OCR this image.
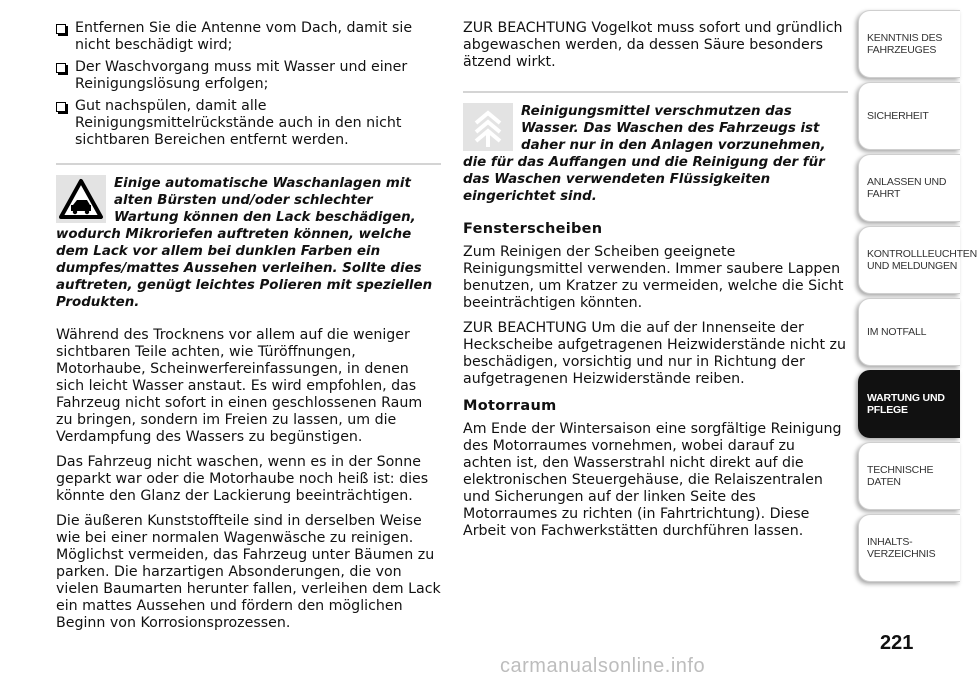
Entfernen Sie die Antenne vom Dach, damit sie nicht beschädigt wird;
Der Waschvorgang muss mit Wasser und einer Reinigungslösung erfolgen;
Gut nachspülen, damit alle Reinigungsmittelrückstände auch in den nicht sichtbaren Bereichen entfernt werden.
Einige automatische Waschanlagen mit alten Bürsten und/oder schlechter Wartung können den Lack beschädigen, wodurch Mikroriefen auftreten können, welche dem Lack vor allem bei dunklen Farben ein dumpfes/mattes Aussehen verleihen. Sollte dies auftreten, genügt leichtes Polieren mit speziellen Produkten.

Während des Trocknens vor allem auf die weniger sichtbaren Teile achten, wie Türöffnungen, Motorhaube, Scheinwerfereinfassungen, in denen sich leicht Wasser anstaut. Es wird empfohlen, das Fahrzeug nicht sofort in einen geschlossenen Raum zu bringen, sondern im Freien zu lassen, um die Verdampfung des Wassers zu begünstigen.

Das Fahrzeug nicht waschen, wenn es in der Sonne geparkt war oder die Motorhaube noch heiß ist: dies könnte den Glanz der Lackierung beeinträchtigen.

Die äußeren Kunststoffteile sind in derselben Weise wie bei einer normalen Wagenwäsche zu reinigen. Möglichst vermeiden, das Fahrzeug unter Bäumen zu parken. Die harzartigen Absonderungen, die von vielen Baumarten herunter fallen, verleihen dem Lack ein mattes Aussehen und fördern den möglichen Beginn von Korrosionsprozessen.

ZUR BEACHTUNG Vogelkot muss sofort und gründlich abgewaschen werden, da dessen Säure besonders ätzend wirkt.

Reinigungsmittel verschmutzen das Wasser. Das Waschen des Fahrzeugs ist daher nur in den Anlagen vorzunehmen, die für das Auffangen und die Reinigung der für das Waschen verwendeten Flüssigkeiten eingerichtet sind.
Fensterscheiben

Zum Reinigen der Scheiben geeignete Reinigungsmittel verwenden. Immer saubere Lappen benutzen, um Kratzer zu vermeiden, welche die Sicht beeinträchtigen könnten.

ZUR BEACHTUNG Um die auf der Innenseite der Heckscheibe aufgetragenen Heizwiderstände nicht zu beschädigen, vorsichtig und nur in Richtung der aufgetragenen Heizwiderstände reiben.

Motorraum

Am Ende der Wintersaison eine sorgfältige Reinigung des Motorraumes vornehmen, wobei darauf zu achten ist, den Wasserstrahl nicht direkt auf die elektronischen Steuergehäuse, die Relaiszentralen und Sicherungen auf der linken Seite des Motorraumes zu richten (in Fahrtrichtung). Diese Arbeit von Fachwerkstätten durchführen lassen.

KENNTNIS DES FAHRZEUGES
SICHERHEIT
ANLASSEN UND FAHRT
KONTROLLLEUCHTEN UND MELDUNGEN
IM NOTFALL
WARTUNG UND PFLEGE
TECHNISCHE DATEN
INHALTS-VERZEICHNIS
221
carmanualsonline.info
